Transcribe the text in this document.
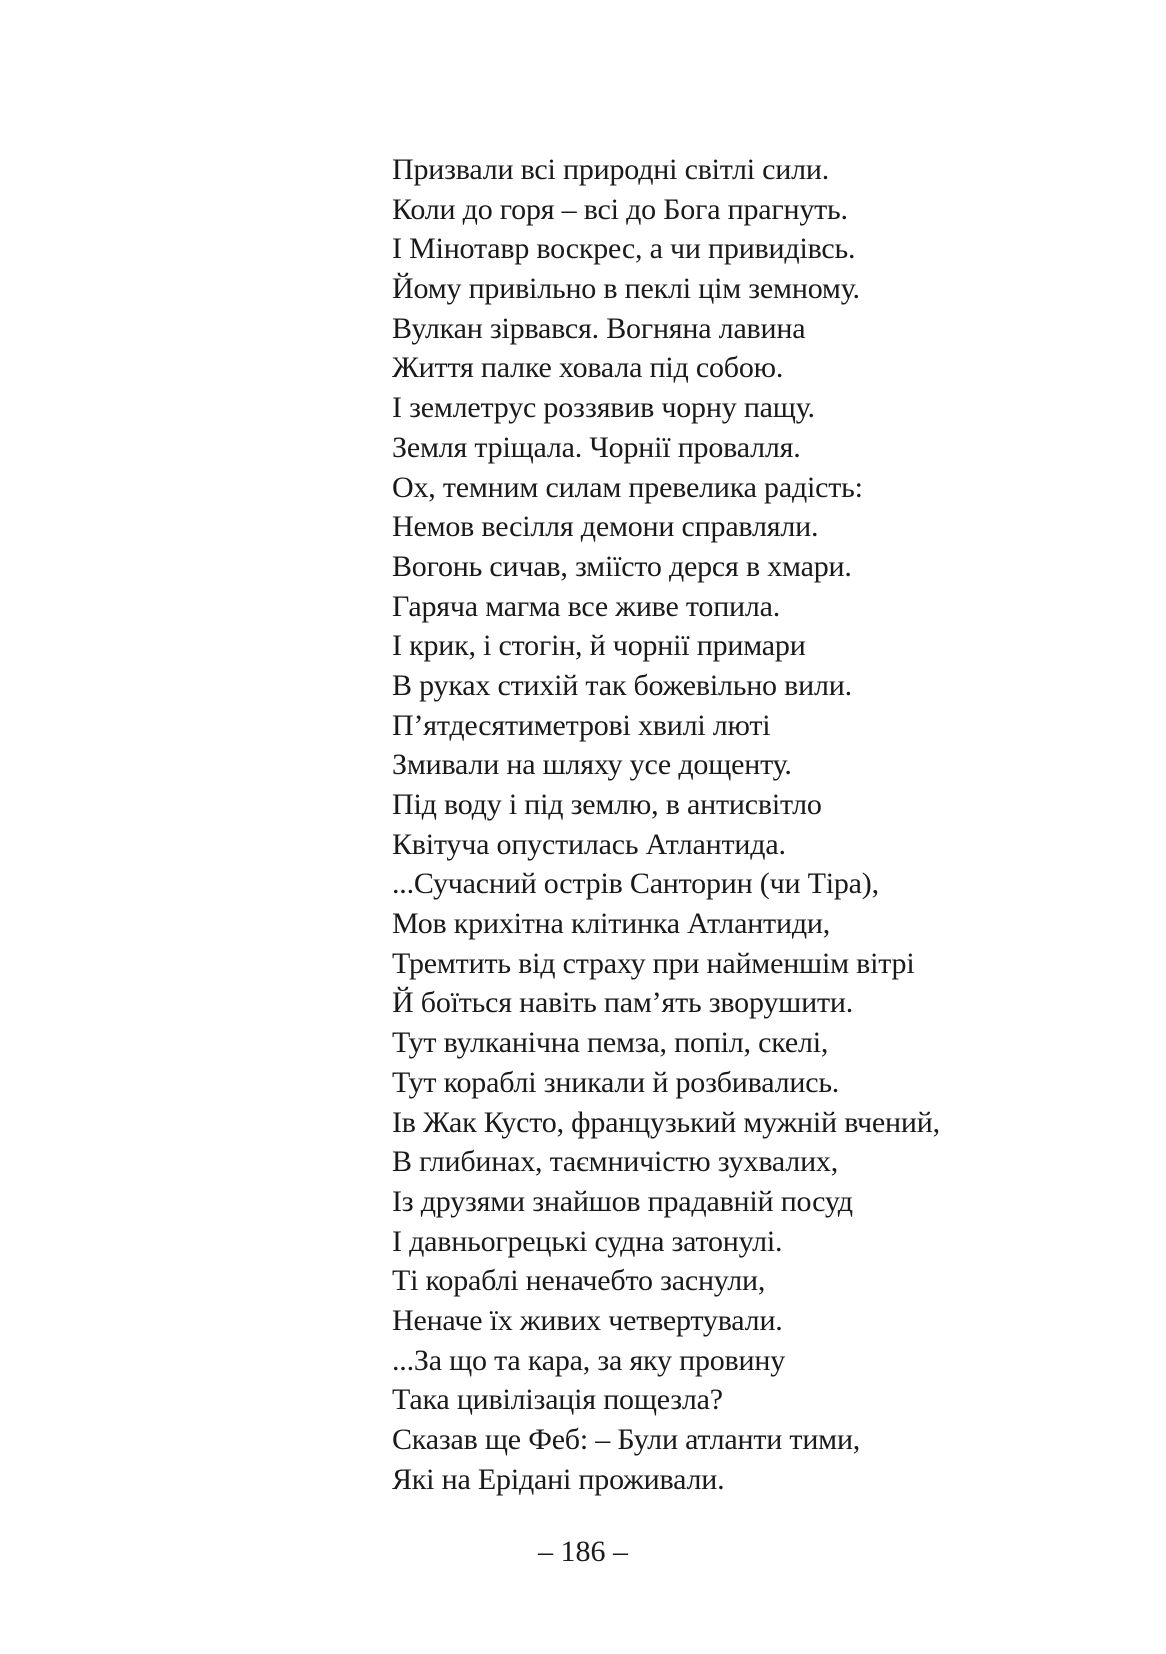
Призвали всі природні світлі сили.
Коли до горя – всі до Бога прагнуть.
І Мінотавр воскрес, а чи привидівсь.
Йому привільно в пеклі цім земному.
Вулкан зірвався. Вогняна лавина
Життя палке ховала під собою.
І землетрус роззявив чорну пащу.
Земля тріщала. Чорнії провалля.
Ох, темним силам превелика радість:
Немов весілля демони справляли.
Вогонь сичав, зміїсто дерся в хмари.
Гаряча магма все живе топила.
І крик, і стогін, й чорнії примари
В руках стихій так божевільно вили.
П’ятдесятиметрові хвилі люті
Змивали на шляху усе дощенту.
Під воду і під землю, в антисвітло
Квітуча опустилась Атлантида.
...Сучасний острів Санторин (чи Тіра),
Мов крихітна клітинка Атлантиди,
Тремтить від страху при найменшім вітрі
Й боїться навіть пам’ять зворушити.
Тут вулканічна пемза, попіл, скелі,
Тут кораблі зникали й розбивались.
Ів Жак Кусто, французький мужній вчений,
В глибинах, таємничістю зухвалих,
Із друзями знайшов прадавній посуд
І давньогрецькі судна затонулі.
Ті кораблі неначебто заснули,
Неначе їх живих четвертували.
...За що та кара, за яку провину
Така цивілізація пощезла?
Сказав ще Феб: – Були атланти тими,
Які на Ерідані проживали.
– 186 –
